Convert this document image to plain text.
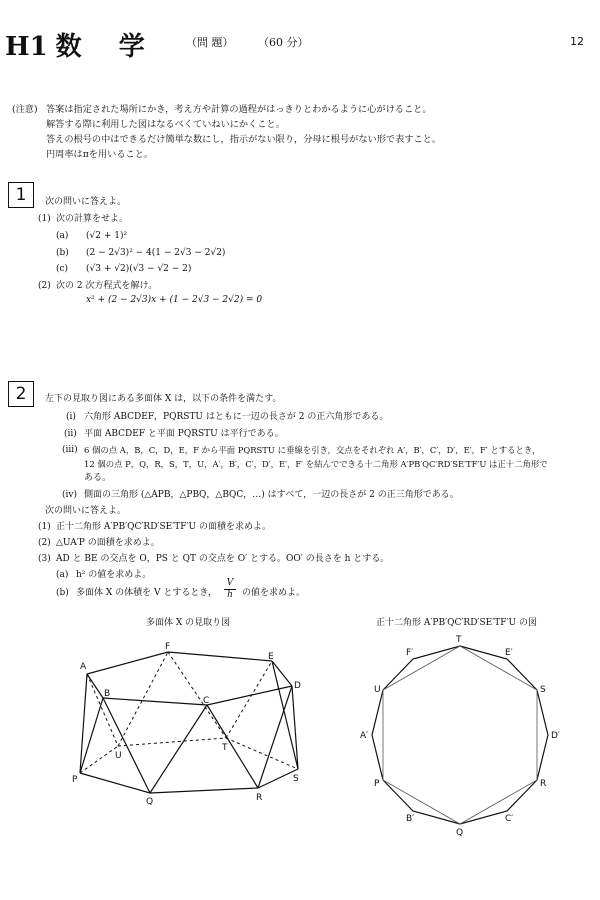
H1 数 学 （問 題）	（60 分）	12
(注意) 答案は指定された場所にかき，考え方や計算の過程がはっきりとわかるように心がけること。
解答する際に利用した図はなるべくていねいにかくこと。
答えの根号の中はできるだけ簡単な数にし，指示がない限り，分母に根号がない形で表すこと。
円周率はπを用いること。
1	次の問いに答えよ。
(1) 次の計算をせよ。
(a) (√2 + 1)²
(b) (2 − 2√3)² − 4(1 − 2√3 − 2√2)
(c) (√3 + √2)(√3 − √2 − 2)
(2) 次の 2 次方程式を解け。
x² + (2 − 2√3)x + (1 − 2√3 − 2√2) = 0
2	左下の見取り図にある多面体 X は，以下の条件を満たす。
(i) 六角形 ABCDEF，PQRSTU はともに一辺の長さが 2 の正六角形である。
(ii) 平面 ABCDEF と平面 PQRSTU は平行である。
(iii) 6 個の点 A，B，C，D，E，F から平面 PQRSTU に垂線を引き，交点をそれぞれ A′，B′，C′，D′，E′，F′ とするとき，
12 個の点 P，Q，R，S，T，U，A′，B′，C′，D′，E′，F′ を結んでできる十二角形 A′PB′QC′RD′SE′TF′U は正十二角形で
ある。
(iv) 側面の三角形 (△APB，△PBQ，△BQC，…) はすべて，一辺の長さが 2 の正三角形である。
次の問いに答えよ。
(1) 正十二角形 A′PB′QC′RD′SE′TF′U の面積を求めよ。
(2) △UA′P の面積を求めよ。
(3) AD と BE の交点を O，PS と QT の交点を O′ とする。OO′ の長さを h とする。
(a) h² の値を求めよ。
(b) 多面体 X の体積を V とするとき， $\frac{V}{h}$ の値を求めよ。
多面体 X の見取り図	正十二角形 A′PB′QC′RD′SE′TF′U の図
A
B
C
D
E
F
P
Q	R
S
T
U
T
E′
S
D′
R
C′
Q
B′
P
A′
U
F′
